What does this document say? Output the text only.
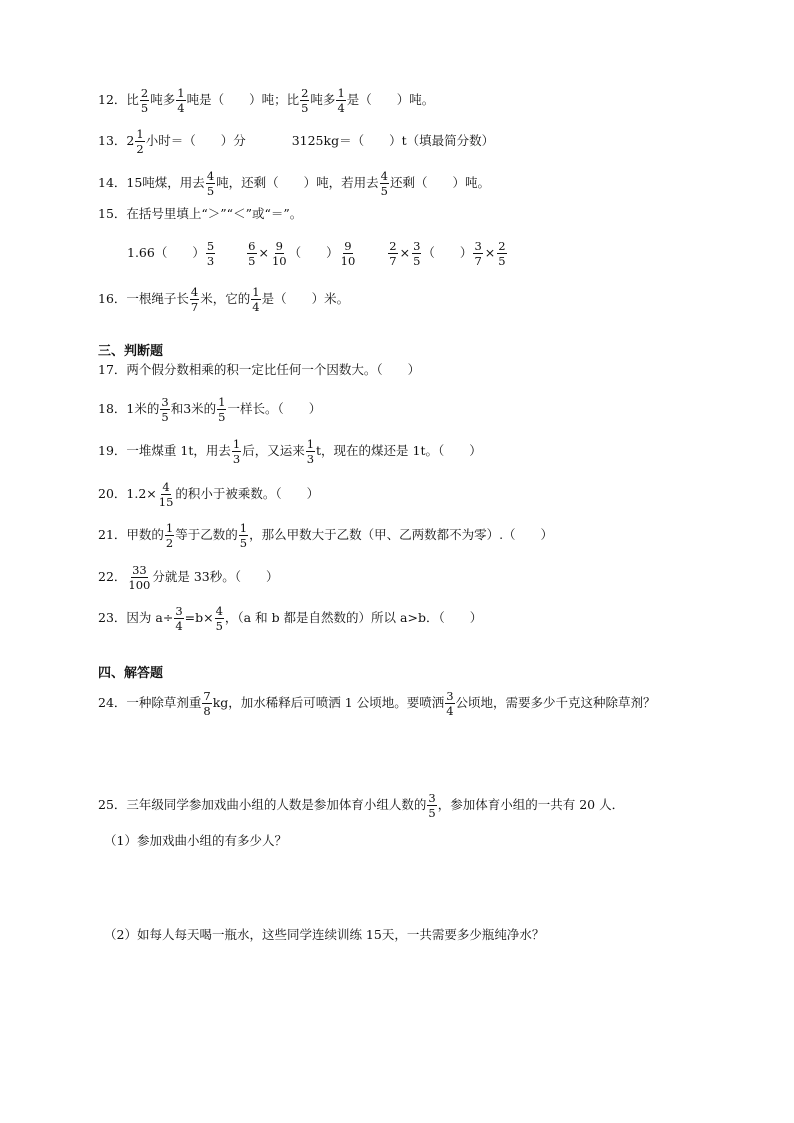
12．比 $\frac{2}{5}$ 吨多 $\frac{1}{4}$ 吨是（　　）吨；比 $\frac{2}{5}$ 吨多 $\frac{1}{4}$ 是（　　）吨。
13． $2 \frac{1}{2}$ 小时＝（　　）分	3125kg＝（　　）t（填最简分数）
14．15吨煤，用去 $\frac{4}{5}$ 吨，还剩（　　）吨，若用去 $\frac{4}{5}$ 还剩（　　）吨。
15．在括号里填上“＞”“＜”或“＝”。
1.66（　　） $\frac{5}{3}$	$\frac{6}{5} \times \frac{9}{10}$ （　　） $\frac{9}{10}$	$\frac{2}{7} \times \frac{3}{5}$ （　　） $\frac{3}{7} \times \frac{2}{5}$
16．一根绳子长 $\frac{4}{7}$ 米，它的 $\frac{1}{4}$ 是（　　）米。
三、判断题
17．两个假分数相乘的积一定比任何一个因数大。（　　）
18．1米的 $\frac{3}{5}$ 和3米的 $\frac{1}{5}$ 一样长。（　　）
19．一堆煤重 1t，用去 $\frac{1}{3}$ 后，又运来 $\frac{1}{3}$ t，现在的煤还是 1t。（　　）
20．$1.2\times \frac{4}{15}$ 的积小于被乘数。（　　）
21．甲数的 $\frac{1}{2}$ 等于乙数的 $\frac{1}{5}$ ，那么甲数大于乙数（甲、乙两数都不为零）.（　　）
22． $\frac{33}{100}$ 分就是 33秒。（　　）
23．因为 $a\div \frac{3}{4} =b\times \frac{4}{5}$ ，（a 和 b 都是自然数的）所以 a>b．（　　）
四、解答题
24．一种除草剂重 $\frac{7}{8}$ kg，加水稀释后可喷洒 1 公顷地。要喷洒 $\frac{3}{4}$ 公顷地，需要多少千克这种除草剂？
25．三年级同学参加戏曲小组的人数是参加体育小组人数的 $\frac{3}{5}$ ，参加体育小组的一共有 20 人．
（1）参加戏曲小组的有多少人？
（2）如每人每天喝一瓶水，这些同学连续训练 15天，一共需要多少瓶纯净水？
